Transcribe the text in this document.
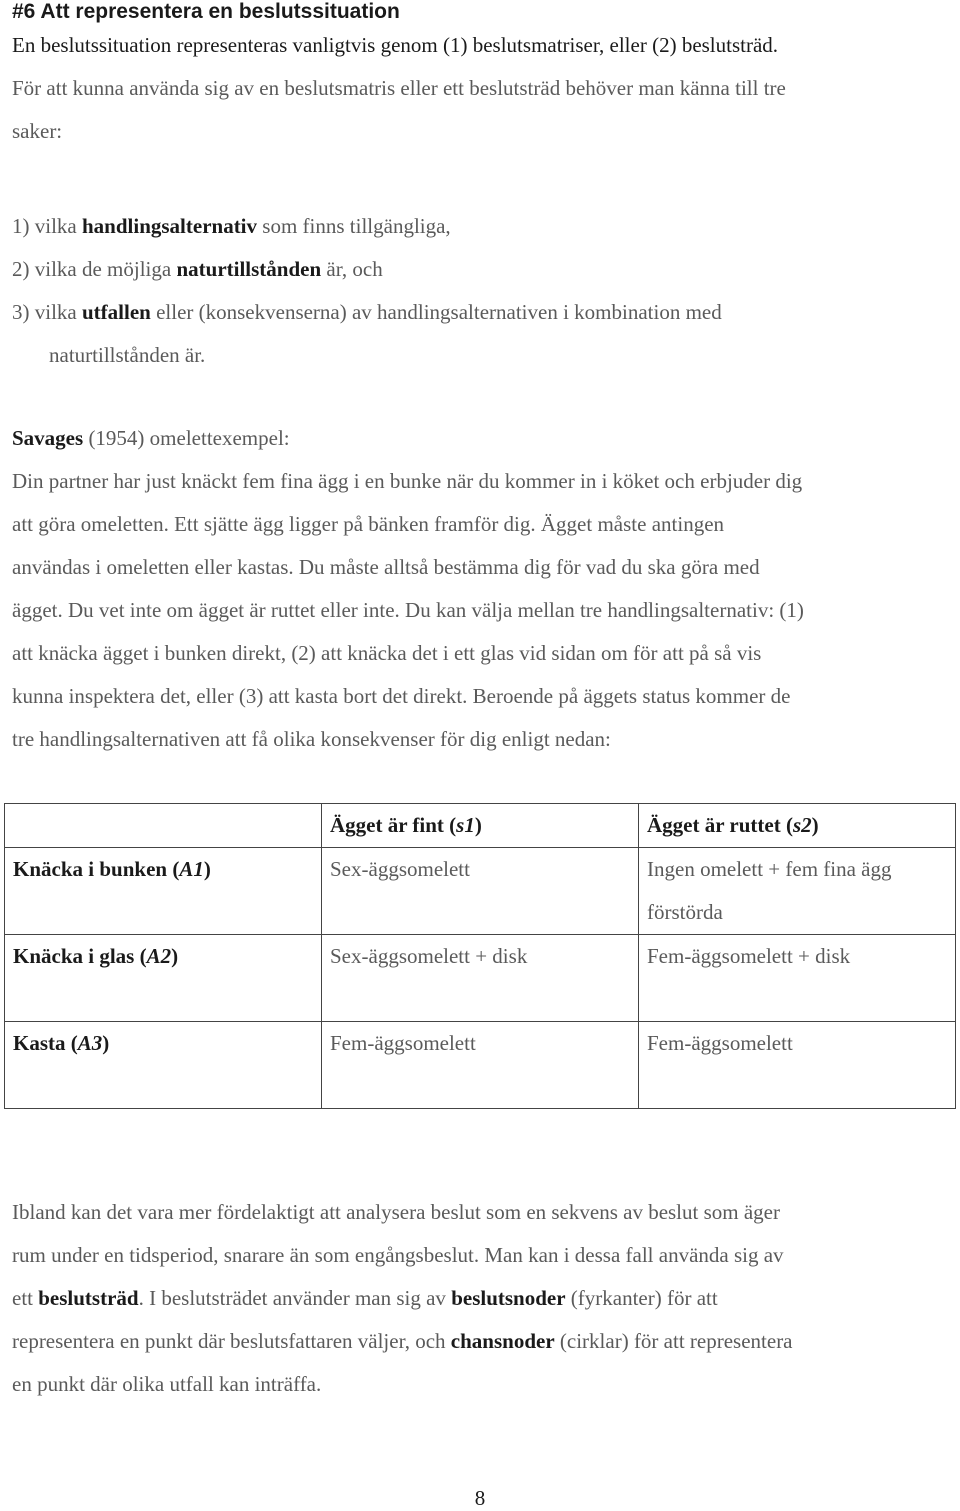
#6 Att representera en beslutssituation

En beslutssituation representeras vanligtvis genom (1) beslutsmatriser, eller (2) beslutsträd.

För att kunna använda sig av en beslutsmatris eller ett beslutsträd behöver man känna till tre

saker:

1) vilka handlingsalternativ som finns tillgängliga,
2) vilka de möjliga naturtillstånden är, och
3) vilka utfallen eller (konsekvenserna) av handlingsalternativen i kombination med
naturtillstånden är.

Savages (1954) omelettexempel:

Din partner har just knäckt fem fina ägg i en bunke när du kommer in i köket och erbjuder dig

att göra omeletten. Ett sjätte ägg ligger på bänken framför dig. Ägget måste antingen

användas i omeletten eller kastas. Du måste alltså bestämma dig för vad du ska göra med

ägget. Du vet inte om ägget är ruttet eller inte. Du kan välja mellan tre handlingsalternativ: (1)

att knäcka ägget i bunken direkt, (2) att knäcka det i ett glas vid sidan om för att på så vis

kunna inspektera det, eller (3) att kasta bort det direkt. Beroende på äggets status kommer de

tre handlingsalternativen att få olika konsekvenser för dig enligt nedan:

	Ägget är fint (s1)	Ägget är ruttet (s2)
Knäcka i bunken (A1)	Sex-äggsomelett	Ingen omelett + fem fina ägg
förstörda

Knäcka i glas (A2)	Sex-äggsomelett + disk	Fem-äggsomelett + disk
Kasta (A3)	Fem-äggsomelett	Fem-äggsomelett

Ibland kan det vara mer fördelaktigt att analysera beslut som en sekvens av beslut som äger

rum under en tidsperiod, snarare än som engångsbeslut. Man kan i dessa fall använda sig av

ett beslutsträd. I beslutsträdet använder man sig av beslutsnoder (fyrkanter) för att

representera en punkt där beslutsfattaren väljer, och chansnoder (cirklar) för att representera

en punkt där olika utfall kan inträffa.

8
